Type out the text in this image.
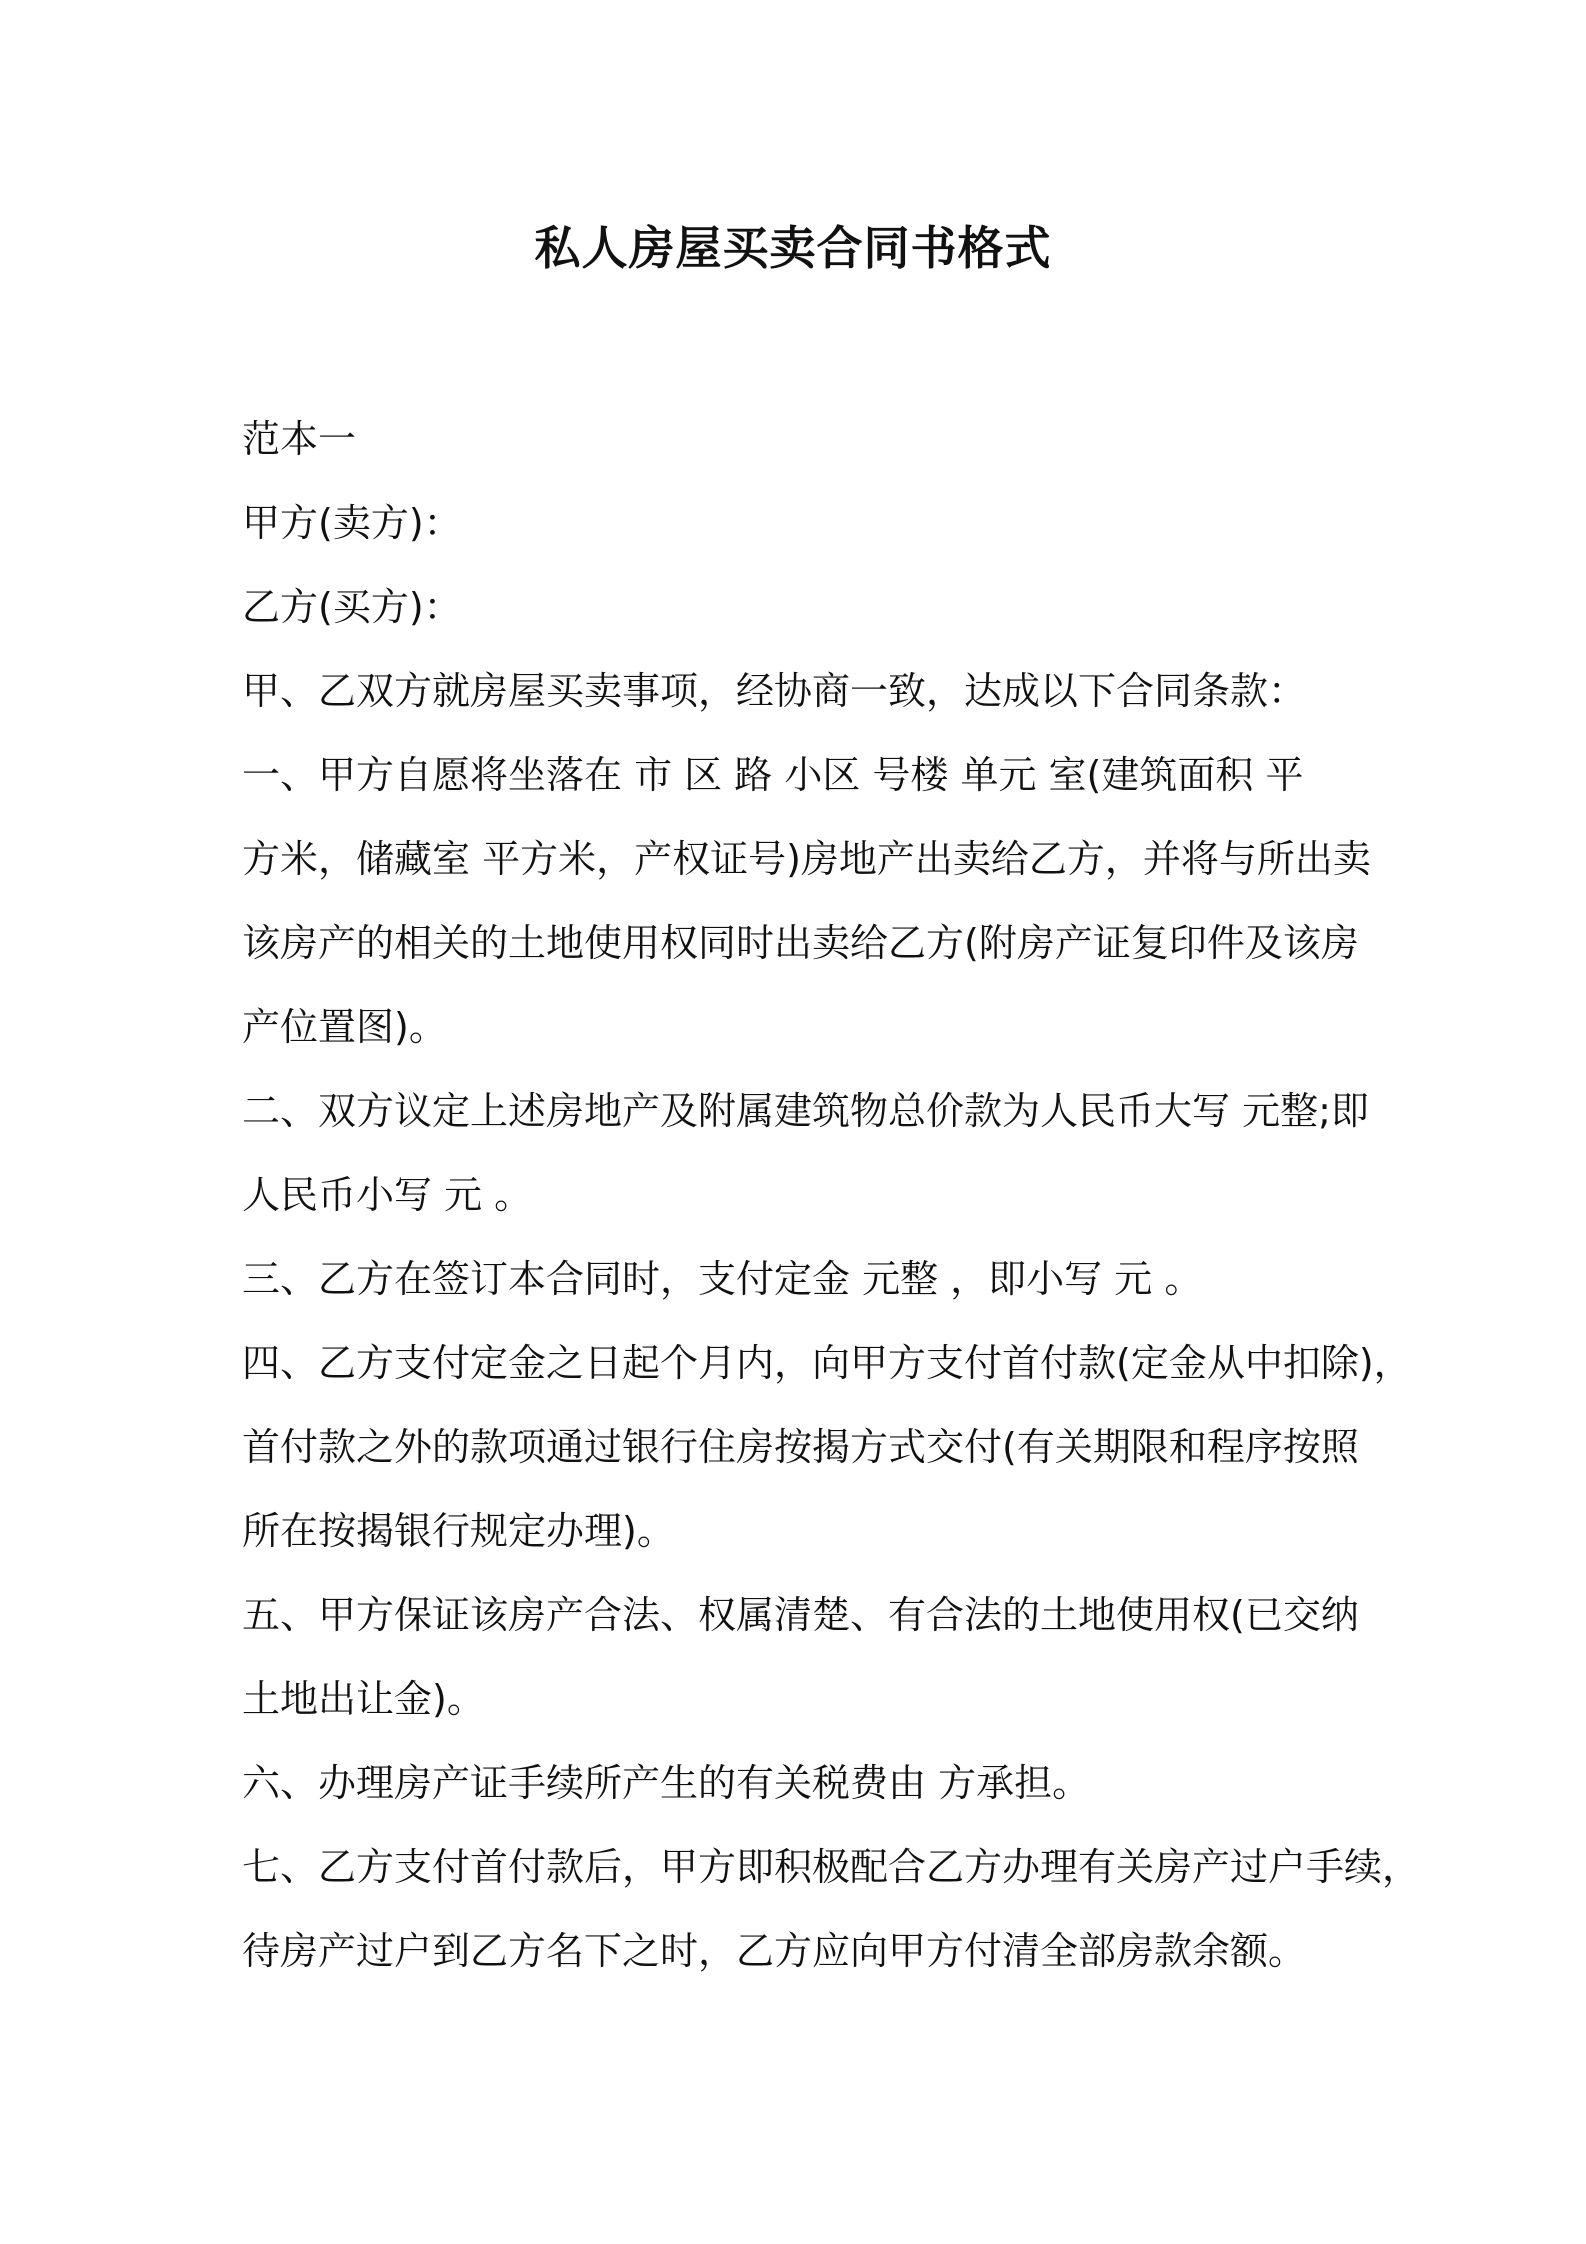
私人房屋买卖合同书格式

范本一

甲方(卖方)：

乙方(买方)：

甲、乙双方就房屋买卖事项，经协商一致，达成以下合同条款：

一、甲方自愿将坐落在 市 区 路 小区 号楼 单元 室(建筑面积 平

方米，储藏室 平方米，产权证号)房地产出卖给乙方，并将与所出卖

该房产的相关的土地使用权同时出卖给乙方(附房产证复印件及该房

产位置图)。

二、双方议定上述房地产及附属建筑物总价款为人民币大写 元整;即

人民币小写 元 。

三、乙方在签订本合同时，支付定金 元整 ，即小写 元 。

四、乙方支付定金之日起个月内，向甲方支付首付款(定金从中扣除)，

首付款之外的款项通过银行住房按揭方式交付(有关期限和程序按照

所在按揭银行规定办理)。

五、甲方保证该房产合法、权属清楚、有合法的土地使用权(已交纳

土地出让金)。

六、办理房产证手续所产生的有关税费由 方承担。

七、乙方支付首付款后，甲方即积极配合乙方办理有关房产过户手续，

待房产过户到乙方名下之时，乙方应向甲方付清全部房款余额。
